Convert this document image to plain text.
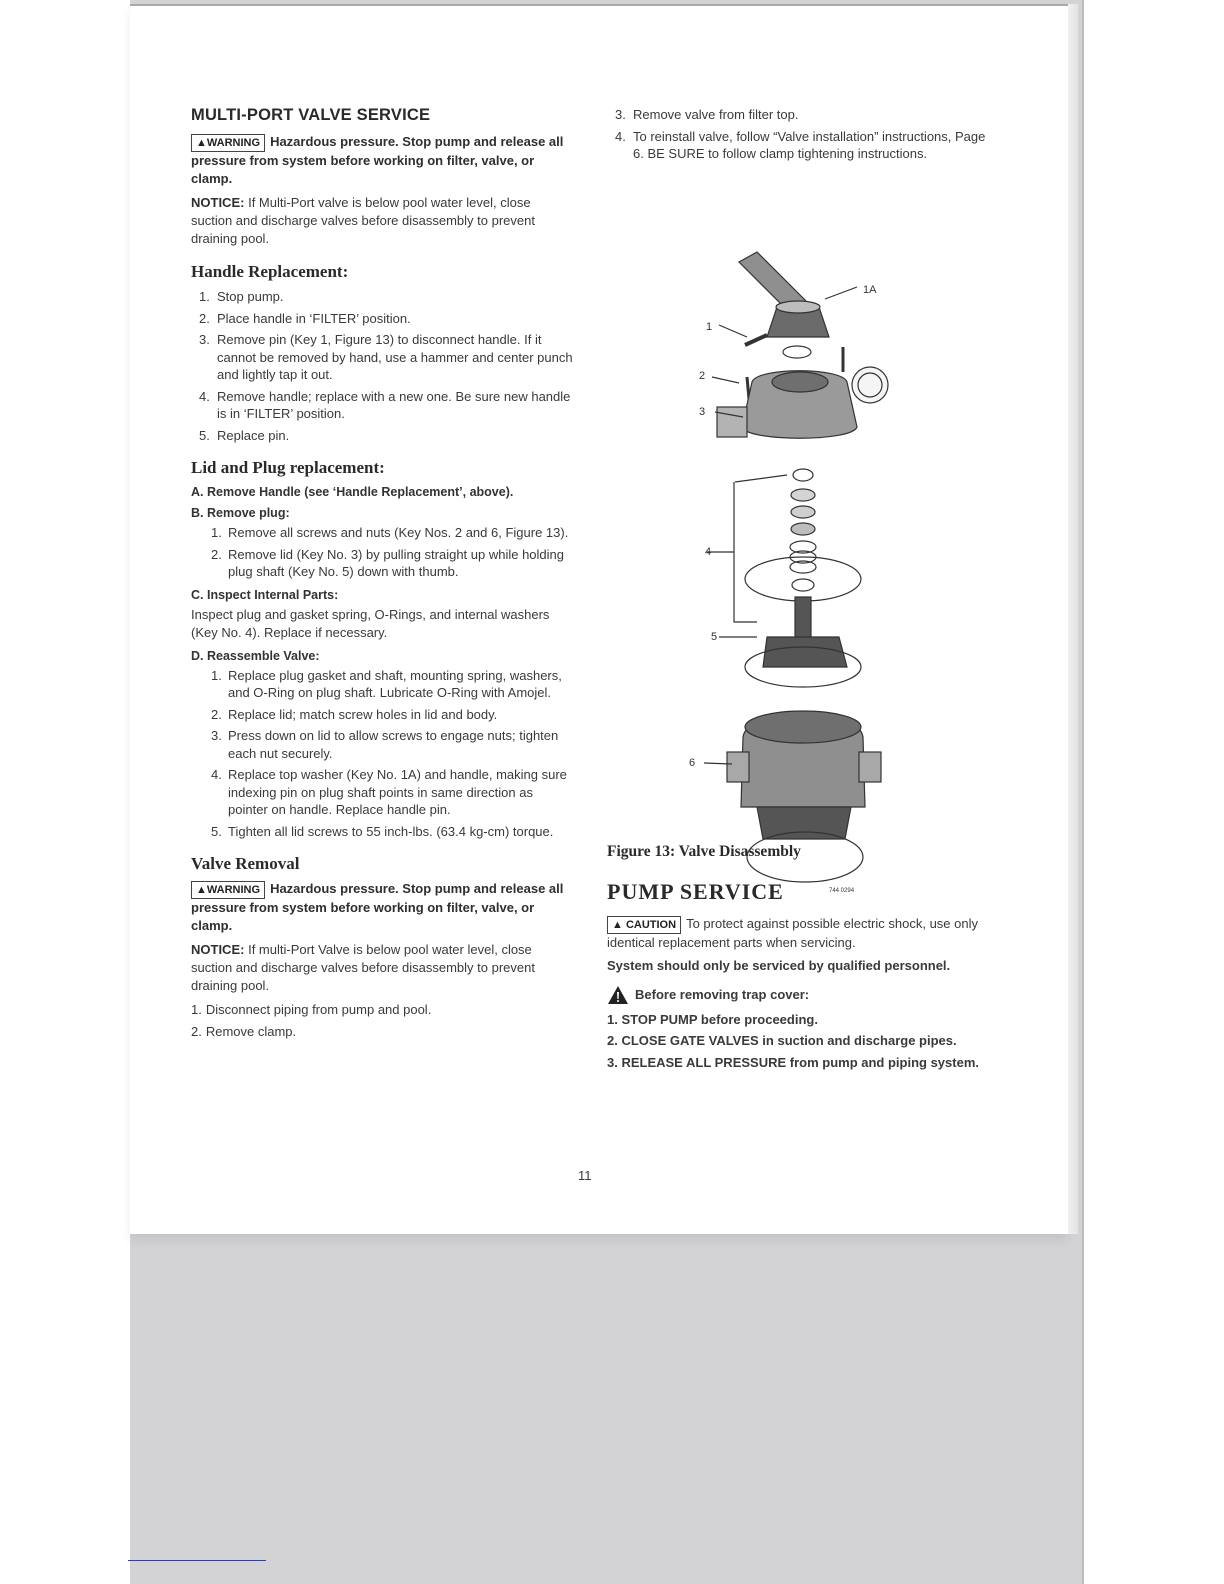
MULTI-PORT VALVE SERVICE

▲WARNING Hazardous pressure. Stop pump and release all pressure from system before working on filter, valve, or clamp.

NOTICE: If Multi-Port valve is below pool water level, close suction and discharge valves before disassembly to prevent draining pool.

Handle Replacement:
1. Stop pump.
2. Place handle in ‘FILTER’ position.
3. Remove pin (Key 1, Figure 13) to disconnect handle. If it cannot be removed by hand, use a hammer and center punch and lightly tap it out.
4. Remove handle; replace with a new one. Be sure new handle is in ‘FILTER’ position.
5. Replace pin.
Lid and Plug replacement:
A. Remove Handle (see ‘Handle Replacement’, above).
B. Remove plug:
1. Remove all screws and nuts (Key Nos. 2 and 6, Figure 13).
2. Remove lid (Key No. 3) by pulling straight up while holding plug shaft (Key No. 5) down with thumb.
C. Inspect Internal Parts:

Inspect plug and gasket spring, O-Rings, and internal washers (Key No. 4). Replace if necessary.

D. Reassemble Valve:
1. Replace plug gasket and shaft, mounting spring, washers, and O-Ring on plug shaft. Lubricate O-Ring with Amojel.
2. Replace lid; match screw holes in lid and body.
3. Press down on lid to allow screws to engage nuts; tighten each nut securely.
4. Replace top washer (Key No. 1A) and handle, making sure indexing pin on plug shaft points in same direction as pointer on handle. Replace handle pin.
5. Tighten all lid screws to 55 inch-lbs. (63.4 kg-cm) torque.
Valve Removal

▲WARNING Hazardous pressure. Stop pump and release all pressure from system before working on filter, valve, or clamp.

NOTICE: If multi-Port Valve is below pool water level, close suction and discharge valves before disassembly to prevent draining pool.

1. Disconnect piping from pump and pool.
2. Remove clamp.
3. Remove valve from filter top.
4. To reinstall valve, follow “Valve installation” instructions, Page 6. BE SURE to follow clamp tightening instructions.
1
1A
2
3
4
5
6
744 0294
Figure 13: Valve Disassembly
PUMP SERVICE

▲ CAUTION To protect against possible electric shock, use only identical replacement parts when servicing.

System should only be serviced by qualified personnel.
Before removing trap cover:
1. STOP PUMP before proceeding.
2. CLOSE GATE VALVES in suction and discharge pipes.
3. RELEASE ALL PRESSURE from pump and piping system.
11
